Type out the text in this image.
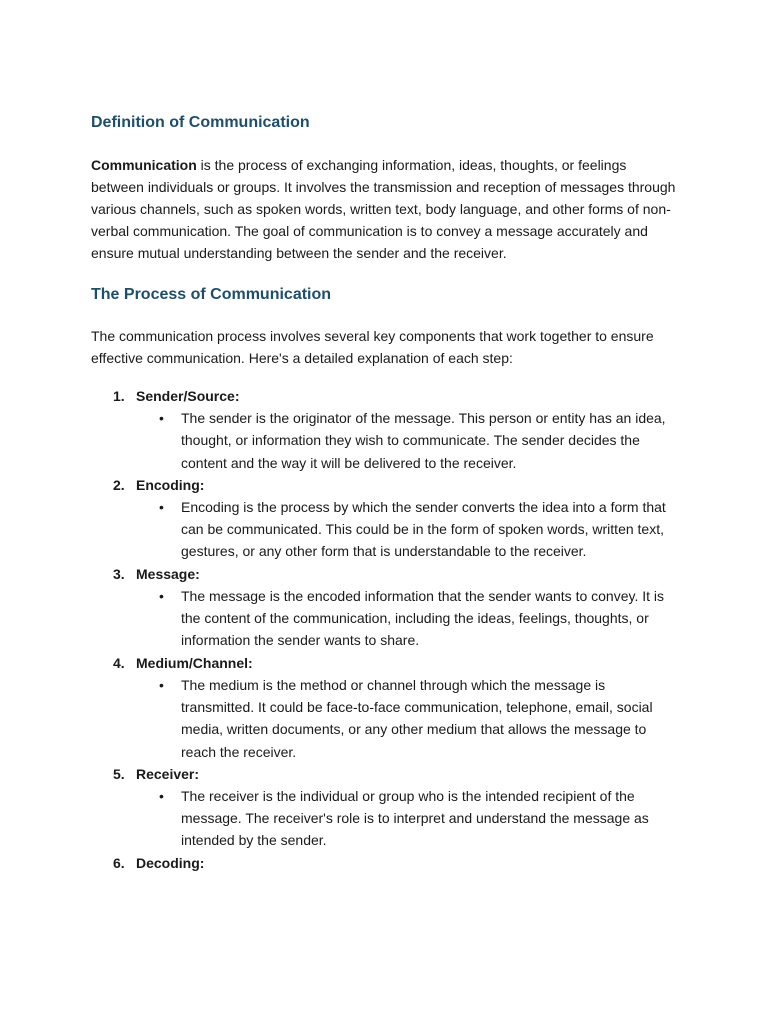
Definition of Communication

Communication is the process of exchanging information, ideas, thoughts, or feelings between individuals or groups. It involves the transmission and reception of messages through various channels, such as spoken words, written text, body language, and other forms of non-verbal communication. The goal of communication is to convey a message accurately and ensure mutual understanding between the sender and the receiver.

The Process of Communication

The communication process involves several key components that work together to ensure effective communication. Here's a detailed explanation of each step:

1. Sender/Source:
• The sender is the originator of the message. This person or entity has an idea, thought, or information they wish to communicate. The sender decides the content and the way it will be delivered to the receiver.
2. Encoding:
• Encoding is the process by which the sender converts the idea into a form that can be communicated. This could be in the form of spoken words, written text, gestures, or any other form that is understandable to the receiver.
3. Message:
• The message is the encoded information that the sender wants to convey. It is the content of the communication, including the ideas, feelings, thoughts, or information the sender wants to share.
4. Medium/Channel:
• The medium is the method or channel through which the message is transmitted. It could be face-to-face communication, telephone, email, social media, written documents, or any other medium that allows the message to reach the receiver.
5. Receiver:
• The receiver is the individual or group who is the intended recipient of the message. The receiver's role is to interpret and understand the message as intended by the sender.
6. Decoding:
